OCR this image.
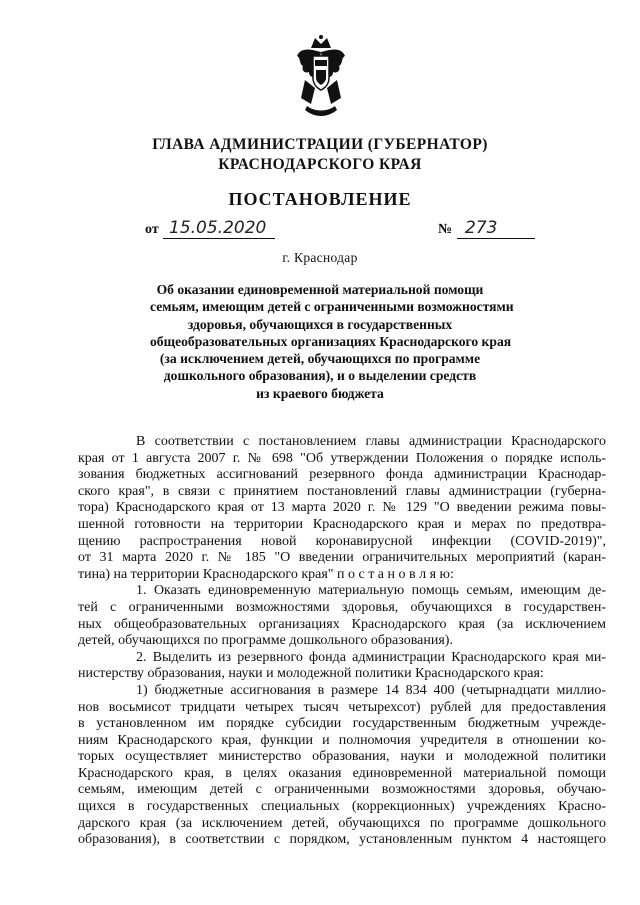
ГЛАВА АДМИНИСТРАЦИИ (ГУБЕРНАТОР)
КРАСНОДАРСКОГО КРАЯ
ПОСТАНОВЛЕНИЕ
от 15.05.2020	№ 273
г. Краснодар
Об оказании единовременной материальной помощи
семьям, имеющим детей с ограниченными возможностями
здоровья, обучающихся в государственных
общеобразовательных организациях Краснодарского края
(за исключением детей, обучающихся по программе
дошкольного образования), и о выделении средств
из краевого бюджета
В соответствии с постановлением главы администрации Краснодарского
края от 1 августа 2007 г. № 698 "Об утверждении Положения о порядке исполь-
зования бюджетных ассигнований резервного фонда администрации Краснодар-
ского края", в связи с принятием постановлений главы администрации (губерна-
тора) Краснодарского края от 13 марта 2020 г. № 129 "О введении режима повы-
шенной готовности на территории Краснодарского края и мерах по предотвра-
щению распространения новой коронавирусной инфекции (COVID-2019)",
от 31 марта 2020 г. № 185 "О введении ограничительных мероприятий (каран-
тина) на территории Краснодарского края" п о с т а н о в л я ю:
1. Оказать единовременную материальную помощь семьям, имеющим де-
тей с ограниченными возможностями здоровья, обучающихся в государствен-
ных общеобразовательных организациях Краснодарского края (за исключением
детей, обучающихся по программе дошкольного образования).
2. Выделить из резервного фонда администрации Краснодарского края ми-
нистерству образования, науки и молодежной политики Краснодарского края:
1) бюджетные ассигнования в размере 14 834 400 (четырнадцати миллио-
нов восьмисот тридцати четырех тысяч четырехсот) рублей для предоставления
в установленном им порядке субсидии государственным бюджетным учрежде-
ниям Краснодарского края, функции и полномочия учредителя в отношении ко-
торых осуществляет министерство образования, науки и молодежной политики
Краснодарского края, в целях оказания единовременной материальной помощи
семьям, имеющим детей с ограниченными возможностями здоровья, обучаю-
щихся в государственных специальных (коррекционных) учреждениях Красно-
дарского края (за исключением детей, обучающихся по программе дошкольного
образования), в соответствии с порядком, установленным пунктом 4 настоящего
